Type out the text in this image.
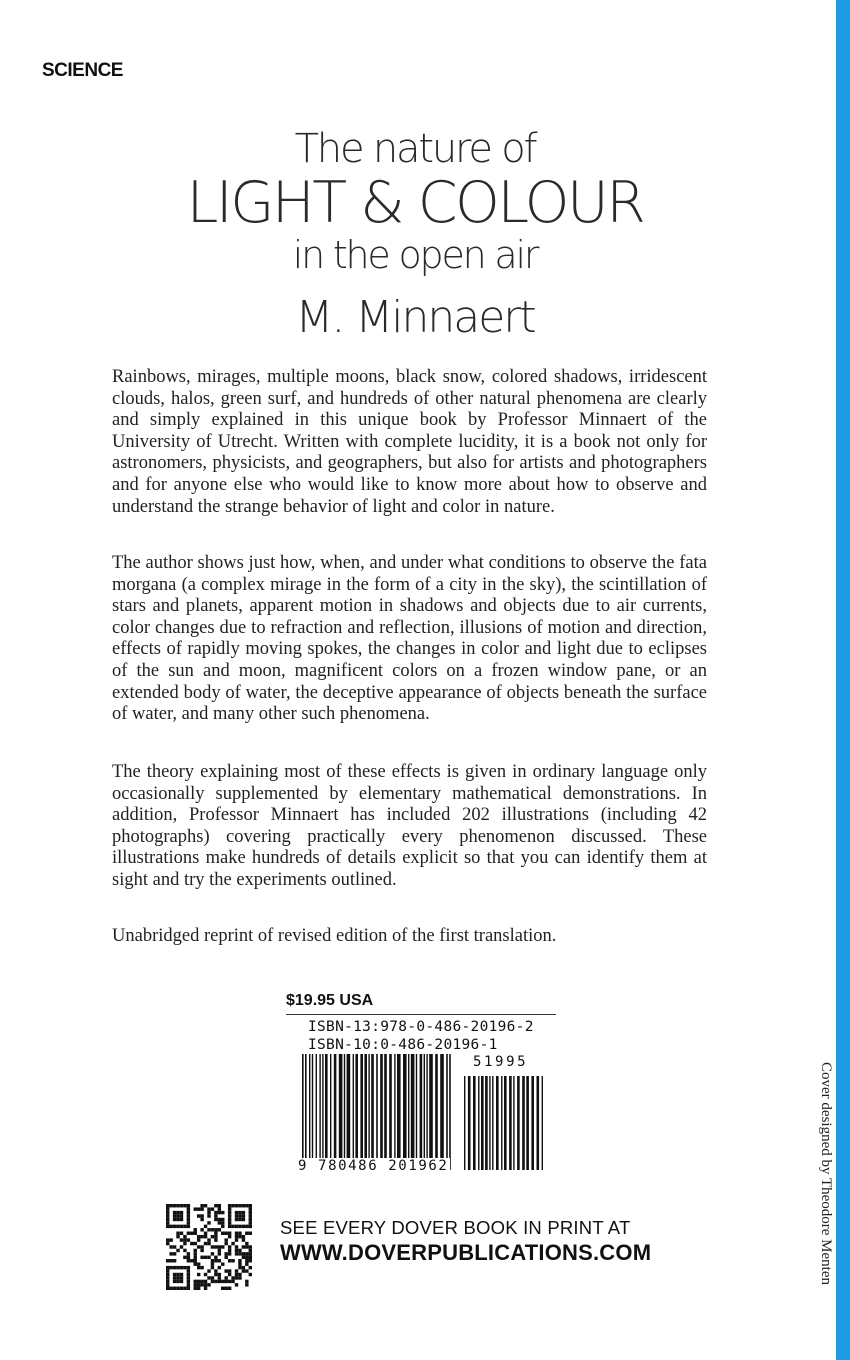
SCIENCE
The nature of
LIGHT & COLOUR
in the open air
M. Minnaert

Rainbows, mirages, multiple moons, black snow, colored shadows, irridescent clouds, halos, green surf, and hundreds of other natural phenomena are clearly and simply explained in this unique book by Professor Minnaert of the University of Utrecht. Written with complete lucidity, it is a book not only for astronomers, physicists, and geographers, but also for artists and photographers and for anyone else who would like to know more about how to observe and understand the strange behavior of light and color in nature.

The author shows just how, when, and under what conditions to observe the fata morgana (a complex mirage in the form of a city in the sky), the scintillation of stars and planets, apparent motion in shadows and objects due to air currents, color changes due to refraction and reflection, illusions of motion and direction, effects of rapidly moving spokes, the changes in color and light due to eclipses of the sun and moon, magnificent colors on a frozen window pane, or an extended body of water, the deceptive appearance of objects beneath the surface of water, and many other such phenomena.

The theory explaining most of these effects is given in ordinary language only occasionally supplemented by elementary mathematical demonstrations. In addition, Professor Minnaert has included 202 illustrations (including 42 photographs) covering practically every phenomenon discussed. These illustrations make hundreds of details explicit so that you can identify them at sight and try the experiments outlined.

Unabridged reprint of revised edition of the first translation.

$19.95 USA
ISBN-13:978-0-486-20196-2
ISBN-10:0-486-20196-1
9 780486 201962
51995
SEE EVERY DOVER BOOK IN PRINT AT
WWW.DOVERPUBLICATIONS.COM	Cover designed by Theodore Menten
